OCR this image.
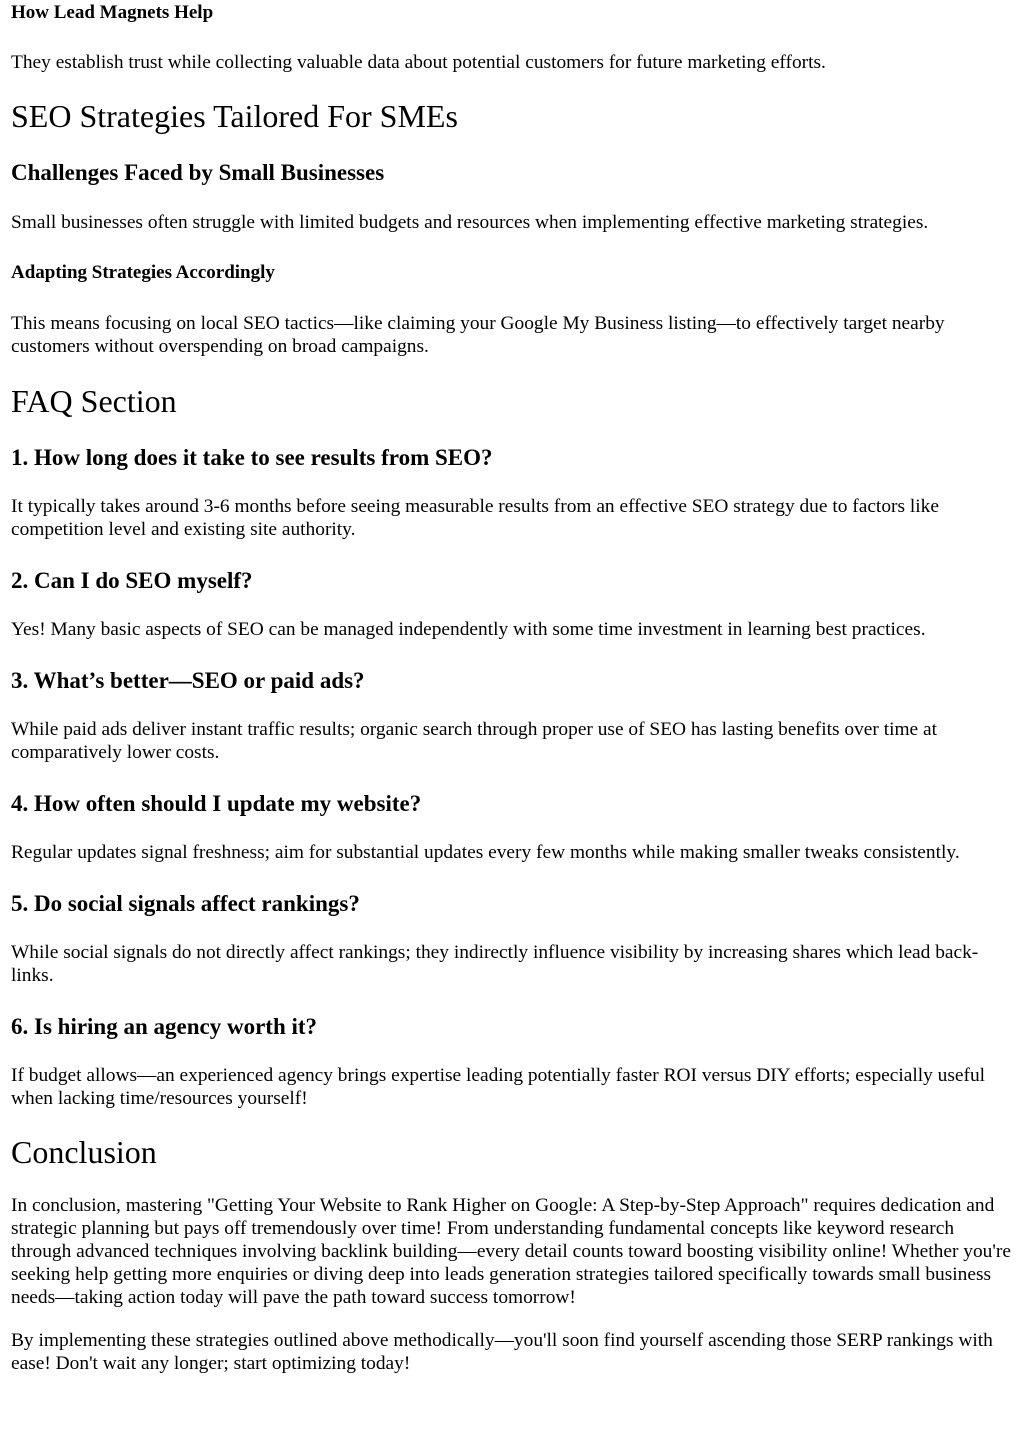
How Lead Magnets Help

They establish trust while collecting valuable data about potential customers for future marketing efforts.

SEO Strategies Tailored For SMEs
Challenges Faced by Small Businesses

Small businesses often struggle with limited budgets and resources when implementing effective marketing strategies.

Adapting Strategies Accordingly

This means focusing on local SEO tactics—like claiming your Google My Business listing—to effectively target nearby customers without overspending on broad campaigns.

FAQ Section
1. How long does it take to see results from SEO?

It typically takes around 3-6 months before seeing measurable results from an effective SEO strategy due to factors like competition level and existing site authority.

2. Can I do SEO myself?

Yes! Many basic aspects of SEO can be managed independently with some time investment in learning best practices.

3. What’s better—SEO or paid ads?

While paid ads deliver instant traffic results; organic search through proper use of SEO has lasting benefits over time at comparatively lower costs.

4. How often should I update my website?

Regular updates signal freshness; aim for substantial updates every few months while making smaller tweaks consistently.

5. Do social signals affect rankings?

While social signals do not directly affect rankings; they indirectly influence visibility by increasing shares which lead back-links.

6. Is hiring an agency worth it?

If budget allows—an experienced agency brings expertise leading potentially faster ROI versus DIY efforts; especially useful when lacking time/resources yourself!

Conclusion

In conclusion, mastering "Getting Your Website to Rank Higher on Google: A Step-by-Step Approach" requires dedication and strategic planning but pays off tremendously over time! From understanding fundamental concepts like keyword research through advanced techniques involving backlink building—every detail counts toward boosting visibility online! Whether you're seeking help getting more enquiries or diving deep into leads generation strategies tailored specifically towards small business needs—taking action today will pave the path toward success tomorrow!

By implementing these strategies outlined above methodically—you'll soon find yourself ascending those SERP rankings with ease! Don't wait any longer; start optimizing today!
